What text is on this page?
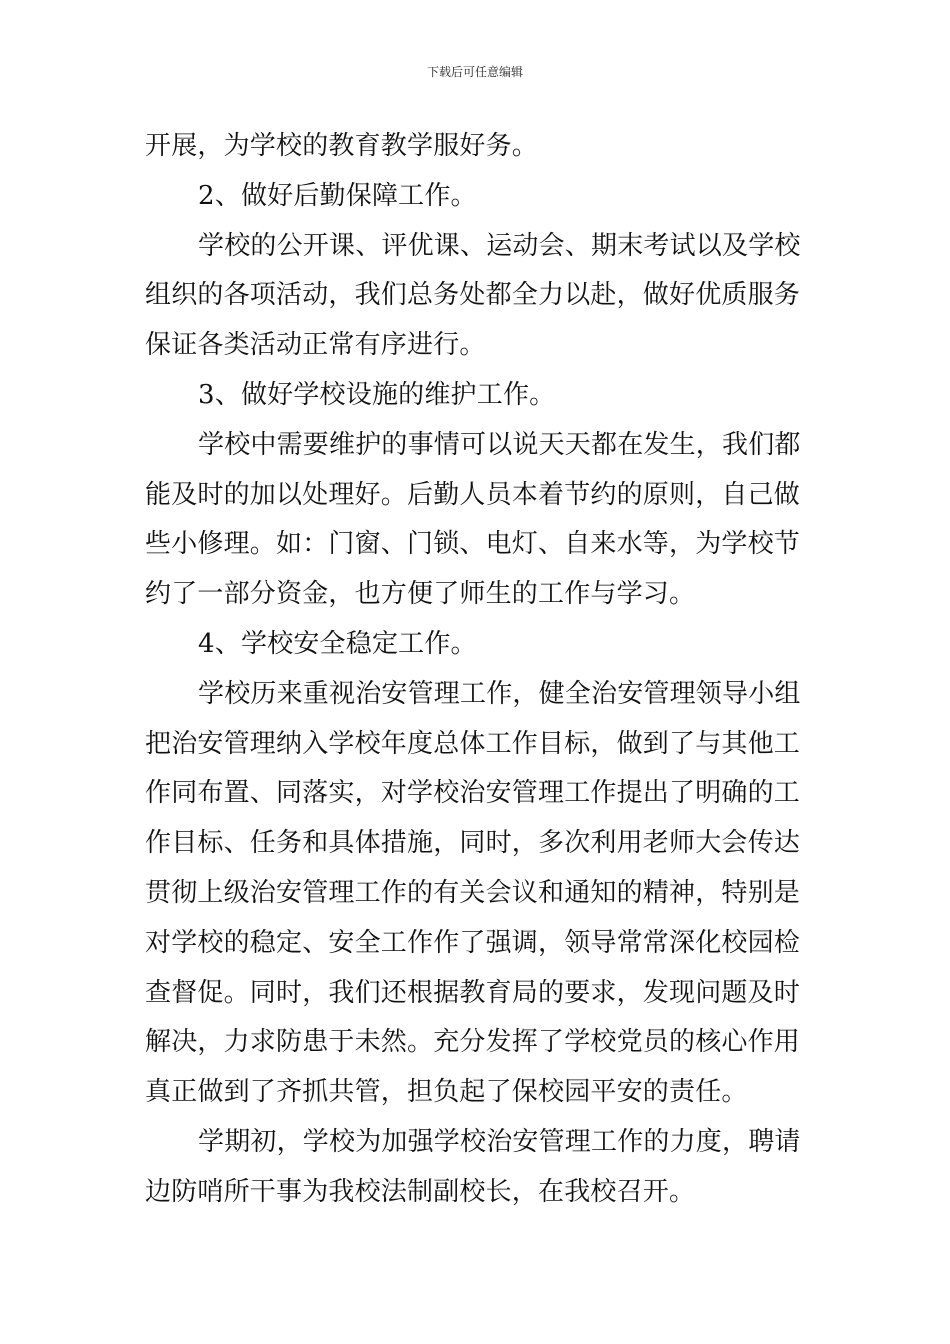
下载后可任意编辑

开展，为学校的教育教学服好务。

2、做好后勤保障工作。

学校的公开课、评优课、运动会、期末考试以及学校

组织的各项活动，我们总务处都全力以赴，做好优质服务

保证各类活动正常有序进行。

3、做好学校设施的维护工作。

学校中需要维护的事情可以说天天都在发生，我们都

能及时的加以处理好。后勤人员本着节约的原则，自己做

些小修理。如：门窗、门锁、电灯、自来水等，为学校节

约了一部分资金，也方便了师生的工作与学习。

4、学校安全稳定工作。

学校历来重视治安管理工作，健全治安管理领导小组

把治安管理纳入学校年度总体工作目标，做到了与其他工

作同布置、同落实，对学校治安管理工作提出了明确的工

作目标、任务和具体措施，同时，多次利用老师大会传达

贯彻上级治安管理工作的有关会议和通知的精神，特别是

对学校的稳定、安全工作作了强调，领导常常深化校园检

查督促。同时，我们还根据教育局的要求，发现问题及时

解决，力求防患于未然。充分发挥了学校党员的核心作用

真正做到了齐抓共管，担负起了保校园平安的责任。

学期初，学校为加强学校治安管理工作的力度，聘请

边防哨所干事为我校法制副校长，在我校召开。
